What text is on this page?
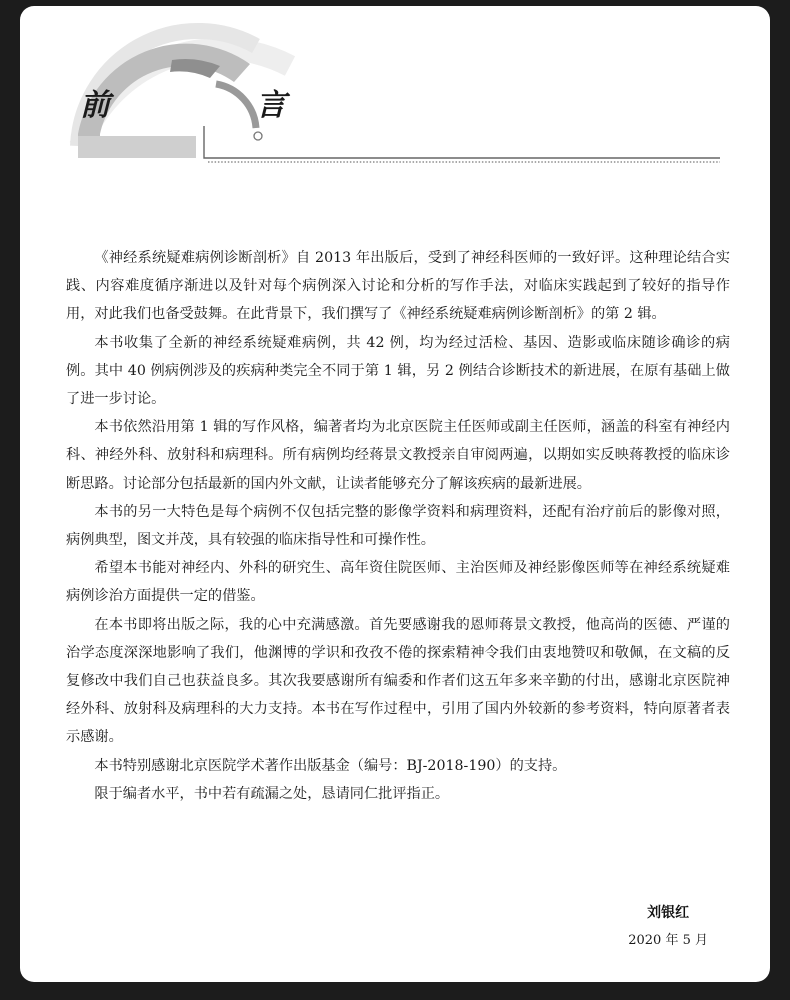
前　言

《神经系统疑难病例诊断剖析》自 2013 年出版后，受到了神经科医师的一致好评。这种理论结合实践、内容难度循序渐进以及针对每个病例深入讨论和分析的写作手法，对临床实践起到了较好的指导作用，对此我们也备受鼓舞。在此背景下，我们撰写了《神经系统疑难病例诊断剖析》的第 2 辑。

本书收集了全新的神经系统疑难病例，共 42 例，均为经过活检、基因、造影或临床随诊确诊的病例。其中 40 例病例涉及的疾病种类完全不同于第 1 辑，另 2 例结合诊断技术的新进展，在原有基础上做了进一步讨论。

本书依然沿用第 1 辑的写作风格，编著者均为北京医院主任医师或副主任医师，涵盖的科室有神经内科、神经外科、放射科和病理科。所有病例均经蒋景文教授亲自审阅两遍，以期如实反映蒋教授的临床诊断思路。讨论部分包括最新的国内外文献，让读者能够充分了解该疾病的最新进展。

本书的另一大特色是每个病例不仅包括完整的影像学资料和病理资料，还配有治疗前后的影像对照，病例典型，图文并茂，具有较强的临床指导性和可操作性。

希望本书能对神经内、外科的研究生、高年资住院医师、主治医师及神经影像医师等在神经系统疑难病例诊治方面提供一定的借鉴。

在本书即将出版之际，我的心中充满感激。首先要感谢我的恩师蒋景文教授，他高尚的医德、严谨的治学态度深深地影响了我们，他渊博的学识和孜孜不倦的探索精神令我们由衷地赞叹和敬佩，在文稿的反复修改中我们自己也获益良多。其次我要感谢所有编委和作者们这五年多来辛勤的付出，感谢北京医院神经外科、放射科及病理科的大力支持。本书在写作过程中，引用了国内外较新的参考资料，特向原著者表示感谢。

本书特别感谢北京医院学术著作出版基金（编号：BJ-2018-190）的支持。

限于编者水平，书中若有疏漏之处，恳请同仁批评指正。

刘银红
2020 年 5 月
